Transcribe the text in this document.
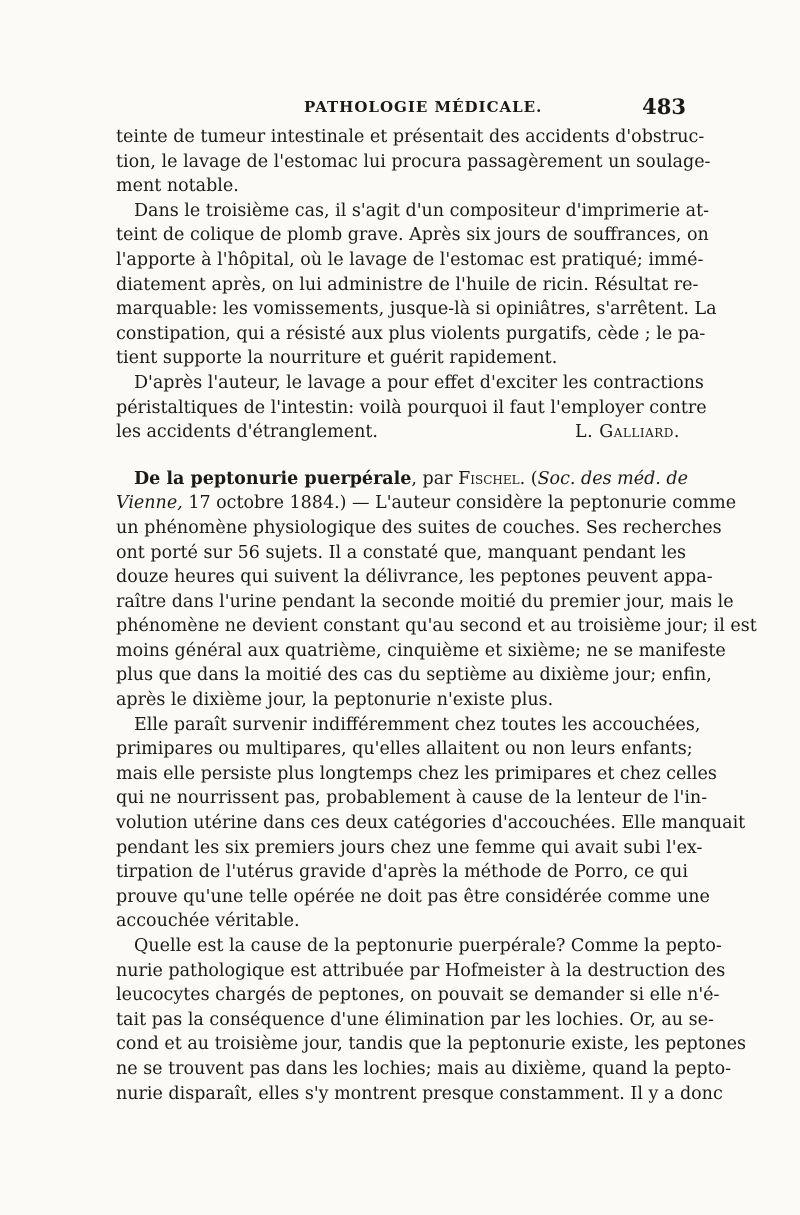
PATHOLOGIE MÉDICALE.	483

teinte de tumeur intestinale et présentait des accidents d'obstruc-
tion, le lavage de l'estomac lui procura passagèrement un soulage-
ment notable.

Dans le troisième cas, il s'agit d'un compositeur d'imprimerie at-
teint de colique de plomb grave. Après six jours de souffrances, on
l'apporte à l'hôpital, où le lavage de l'estomac est pratiqué; immé-
diatement après, on lui administre de l'huile de ricin. Résultat re-
marquable: les vomissements, jusque-là si opiniâtres, s'arrêtent. La
constipation, qui a résisté aux plus violents purgatifs, cède ; le pa-
tient supporte la nourriture et guérit rapidement.

D'après l'auteur, le lavage a pour effet d'exciter les contractions
péristaltiques de l'intestin: voilà pourquoi il faut l'employer contre
les accidents d'étranglement.	L. Galliard.

De la peptonurie puerpérale, par Fischel. (Soc. des méd. de
Vienne, 17 octobre 1884.) — L'auteur considère la peptonurie comme
un phénomène physiologique des suites de couches. Ses recherches
ont porté sur 56 sujets. Il a constaté que, manquant pendant les
douze heures qui suivent la délivrance, les peptones peuvent appa-
raître dans l'urine pendant la seconde moitié du premier jour, mais le
phénomène ne devient constant qu'au second et au troisième jour; il est
moins général aux quatrième, cinquième et sixième; ne se manifeste
plus que dans la moitié des cas du septième au dixième jour; enfin,
après le dixième jour, la peptonurie n'existe plus.

Elle paraît survenir indifféremment chez toutes les accouchées,
primipares ou multipares, qu'elles allaitent ou non leurs enfants;
mais elle persiste plus longtemps chez les primipares et chez celles
qui ne nourrissent pas, probablement à cause de la lenteur de l'in-
volution utérine dans ces deux catégories d'accouchées. Elle manquait
pendant les six premiers jours chez une femme qui avait subi l'ex-
tirpation de l'utérus gravide d'après la méthode de Porro, ce qui
prouve qu'une telle opérée ne doit pas être considérée comme une
accouchée véritable.

Quelle est la cause de la peptonurie puerpérale? Comme la pepto-
nurie pathologique est attribuée par Hofmeister à la destruction des
leucocytes chargés de peptones, on pouvait se demander si elle n'é-
tait pas la conséquence d'une élimination par les lochies. Or, au se-
cond et au troisième jour, tandis que la peptonurie existe, les peptones
ne se trouvent pas dans les lochies; mais au dixième, quand la pepto-
nurie disparaît, elles s'y montrent presque constamment. Il y a donc
